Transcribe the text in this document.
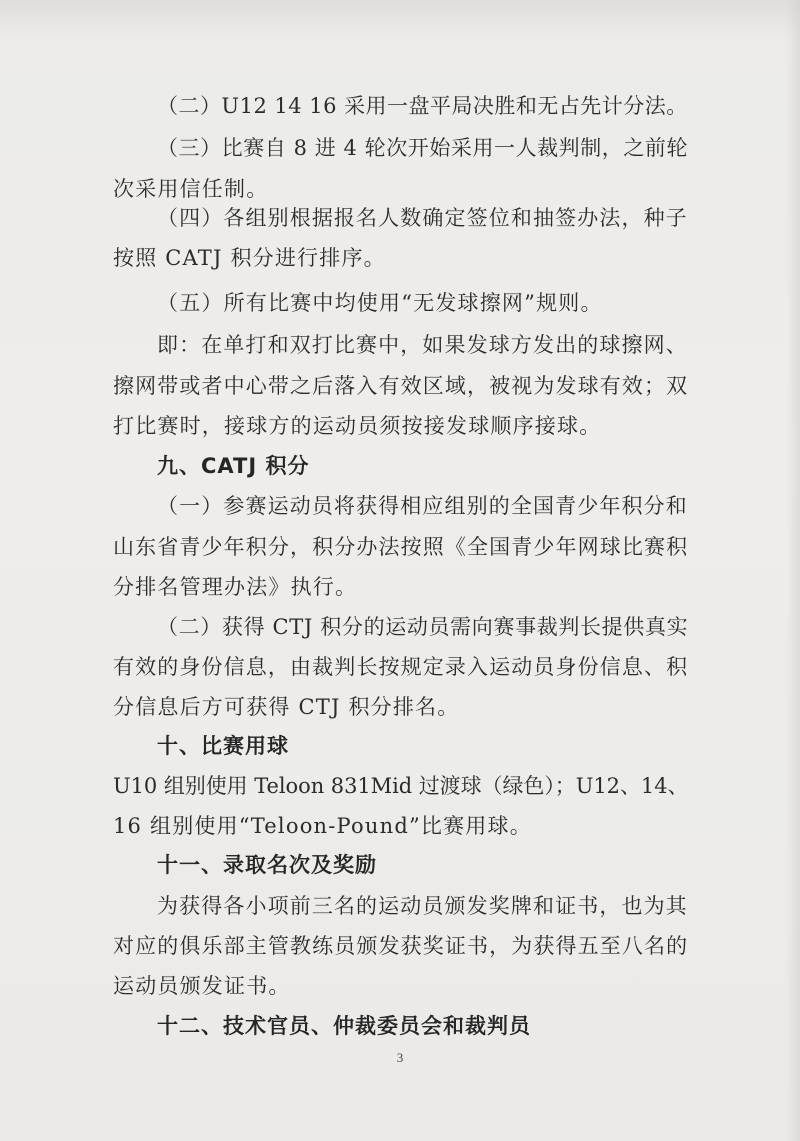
（二）U12 14 16 采用一盘平局决胜和无占先计分法。
（三）比赛自 8 进 4 轮次开始采用一人裁判制，之前轮
次采用信任制。
（四）各组别根据报名人数确定签位和抽签办法，种子
按照 CATJ 积分进行排序。
（五）所有比赛中均使用“无发球擦网”规则。
即：在单打和双打比赛中，如果发球方发出的球擦网、
擦网带或者中心带之后落入有效区域，被视为发球有效；双
打比赛时，接球方的运动员须按接发球顺序接球。
九、CATJ 积分
（一）参赛运动员将获得相应组别的全国青少年积分和
山东省青少年积分，积分办法按照《全国青少年网球比赛积
分排名管理办法》执行。
（二）获得 CTJ 积分的运动员需向赛事裁判长提供真实
有效的身份信息，由裁判长按规定录入运动员身份信息、积
分信息后方可获得 CTJ 积分排名。
十、比赛用球
U10 组别使用 Teloon 831Mid 过渡球（绿色）；U12、14、
16 组别使用“Teloon-Pound”比赛用球。
十一、录取名次及奖励
为获得各小项前三名的运动员颁发奖牌和证书，也为其
对应的俱乐部主管教练员颁发获奖证书，为获得五至八名的
运动员颁发证书。
十二、技术官员、仲裁委员会和裁判员
3
